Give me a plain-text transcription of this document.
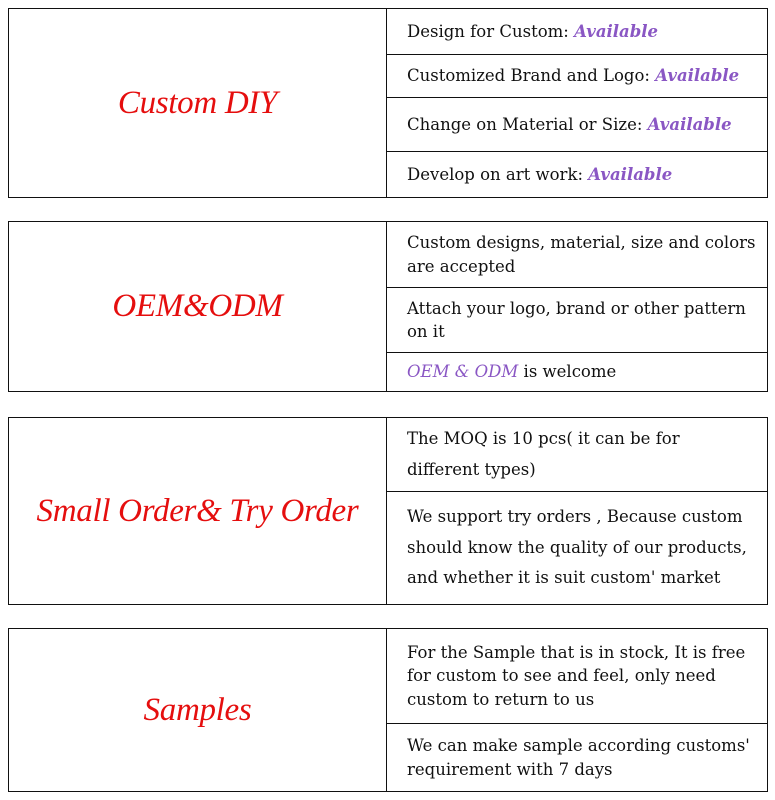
Custom DIY
Design for Custom: Available
Customized Brand and Logo: Available
Change on Material or Size: Available
Develop on art work: Available
OEM&ODM
Custom designs, material, size and colors are accepted
Attach your logo, brand or other pattern on it
OEM & ODM is welcome
Small Order& Try Order
The MOQ is 10 pcs( it can be for different types)
We support try orders , Because custom should know the quality of our products, and whether it is suit custom' market
Samples
For the Sample that is in stock, It is free for custom to see and feel, only need custom to return to us
We can make sample according customs' requirement with 7 days
